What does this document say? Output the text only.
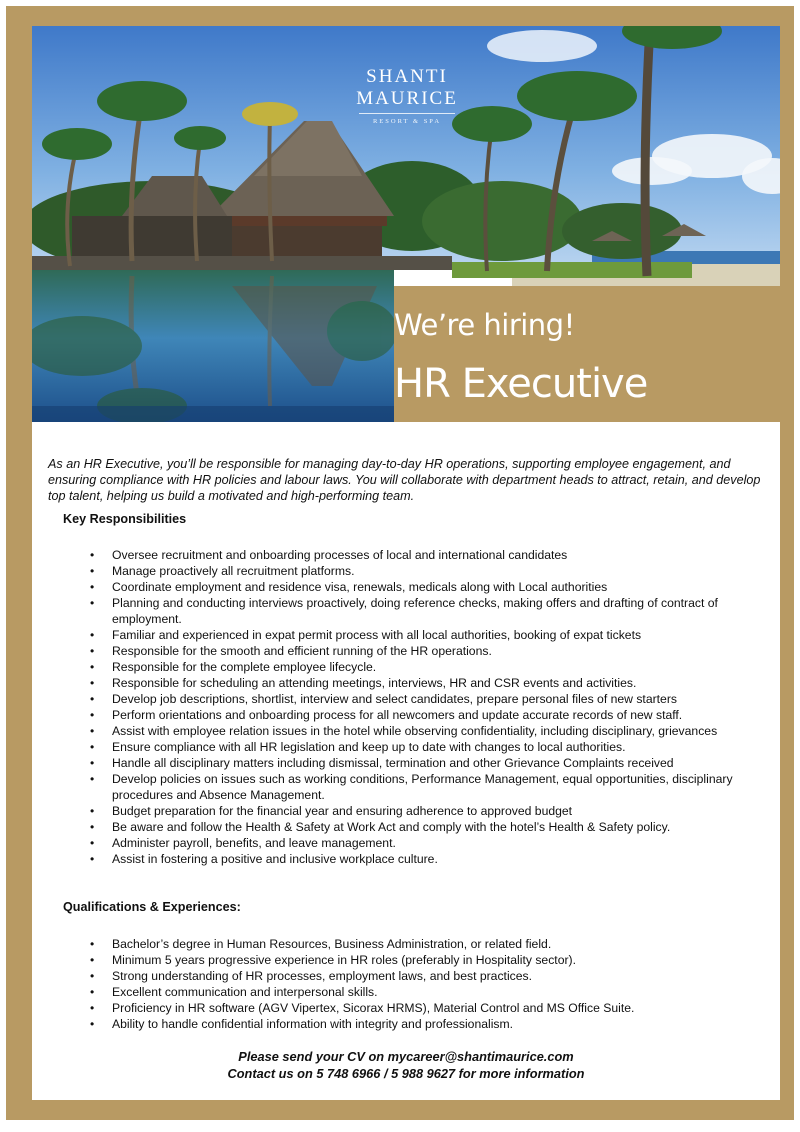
SHANTI MAURICE
RESORT & SPA
We’re hiring!
HR Executive
As an HR Executive, you’ll be responsible for managing day-to-day HR operations, supporting employee engagement, and ensuring compliance with HR policies and labour laws. You will collaborate with department heads to attract, retain, and develop top talent, helping us build a motivated and high-performing team.
Key Responsibilities
• Oversee recruitment and onboarding processes of local and international candidates
• Manage proactively all recruitment platforms.
• Coordinate employment and residence visa, renewals, medicals along with Local authorities
• Planning and conducting interviews proactively, doing reference checks, making offers and drafting of contract of employment.
• Familiar and experienced in expat permit process with all local authorities, booking of expat tickets
• Responsible for the smooth and efficient running of the HR operations.
• Responsible for the complete employee lifecycle.
• Responsible for scheduling an attending meetings, interviews, HR and CSR events and activities.
• Develop job descriptions, shortlist, interview and select candidates, prepare personal files of new starters
• Perform orientations and onboarding process for all newcomers and update accurate records of new staff.
• Assist with employee relation issues in the hotel while observing confidentiality, including disciplinary, grievances
• Ensure compliance with all HR legislation and keep up to date with changes to local authorities.
• Handle all disciplinary matters including dismissal, termination and other Grievance Complaints received
• Develop policies on issues such as working conditions, Performance Management, equal opportunities, disciplinary procedures and Absence Management.
• Budget preparation for the financial year and ensuring adherence to approved budget
• Be aware and follow the Health & Safety at Work Act and comply with the hotel’s Health & Safety policy.
• Administer payroll, benefits, and leave management.
• Assist in fostering a positive and inclusive workplace culture.
Qualifications & Experiences:
• Bachelor’s degree in Human Resources, Business Administration, or related field.
• Minimum 5 years progressive experience in HR roles (preferably in Hospitality sector).
• Strong understanding of HR processes, employment laws, and best practices.
• Excellent communication and interpersonal skills.
• Proficiency in HR software (AGV Vipertex, Sicorax HRMS), Material Control and MS Office Suite.
• Ability to handle confidential information with integrity and professionalism.
Please send your CV on mycareer@shantimaurice.com
Contact us on 5 748 6966 / 5 988 9627 for more information
